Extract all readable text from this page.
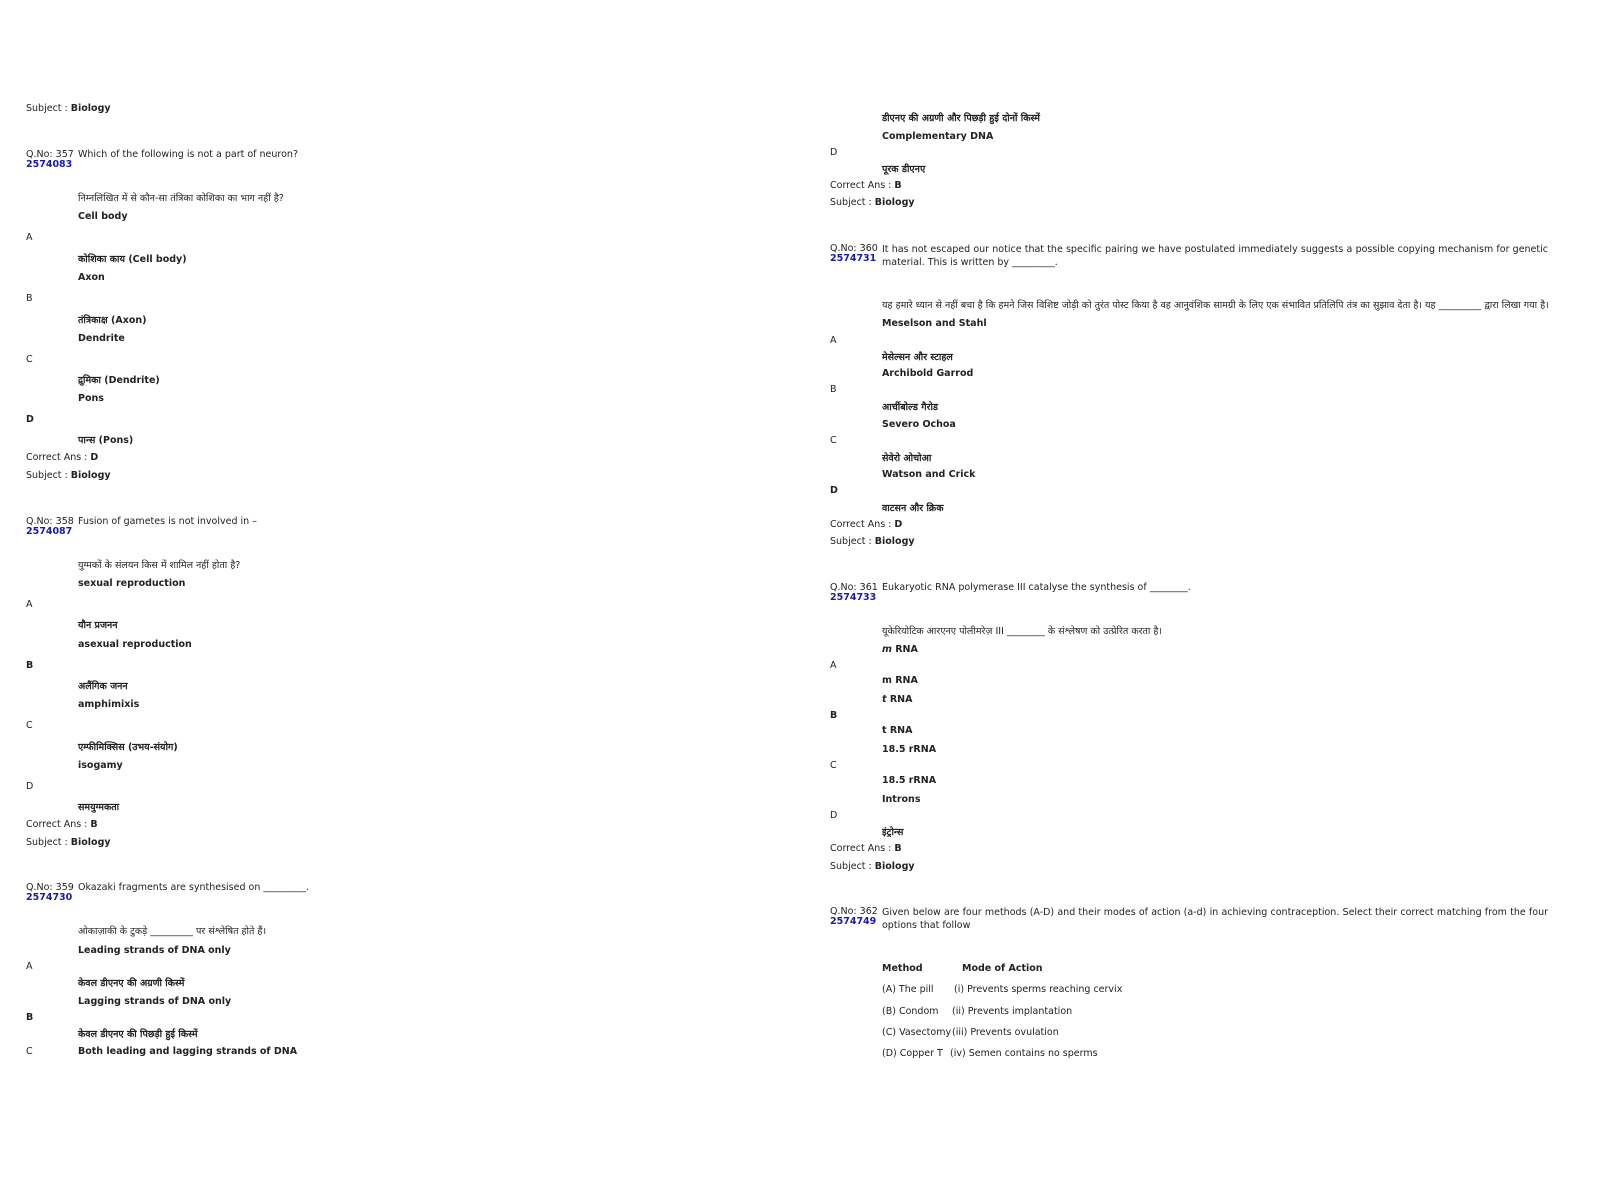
Subject : Biology
Q.No: 357
2574083
Which of the following is not a part of neuron?
निम्नलिखित में से कौन-सा तंत्रिका कोशिका का भाग नहीं है?
Cell body
A
कोशिका काय (Cell body)
Axon
B
तंत्रिकाक्ष (Axon)
Dendrite
C
द्रुमिका (Dendrite)
Pons
D
पान्स (Pons)
Correct Ans : D
Subject : Biology
Q.No: 358
2574087
Fusion of gametes is not involved in –
युग्मकों के संलयन किस में शामिल नहीं होता है?
sexual reproduction
A
यौन प्रजनन
asexual reproduction
B
अलैंगिक जनन
amphimixis
C
एम्फीमिक्सिस (उभय-संयोग)
isogamy
D
समयुग्मकता
Correct Ans : B
Subject : Biology
Q.No: 359
2574730
Okazaki fragments are synthesised on _________.
ओकाज़ाकी के टुकड़े _________ पर संश्लेषित होते हैं।
Leading strands of DNA only
A
केवल डीएनए की अग्रणी किस्में
Lagging strands of DNA only
B
केवल डीएनए की पिछड़ी हुई किस्में
C	Both leading and lagging strands of DNA
डीएनए की अग्रणी और पिछड़ी हुई दोनों किस्में
Complementary DNA
D
पूरक डीएनए
Correct Ans : B
Subject : Biology
Q.No: 360
2574731
It has not escaped our notice that the specific pairing we have postulated immediately suggests a possible copying mechanism for genetic material. This is written by _________.
यह हमारे ध्यान से नहीं बचा है कि हमने जिस विशिष्ट जोड़ी को तुरंत पोस्ट किया है वह आनुवंशिक सामग्री के लिए एक संभावित प्रतिलिपि तंत्र का सुझाव देता है। यह _________ द्वारा लिखा गया है।
Meselson and Stahl
A
मेसेल्सन और स्टाहल
Archibold Garrod
B
आर्चीबोल्ड गैरोड
Severo Ochoa
C
सेवेरो ओचोआ
Watson and Crick
D
वाटसन और क्रिक
Correct Ans : D
Subject : Biology
Q.No: 361
2574733
Eukaryotic RNA polymerase III catalyse the synthesis of ________.
यूकेरियोटिक आरएनए पोलीमरेज़ III ________ के संश्लेषण को उत्प्रेरित करता है।
m RNA
A
m RNA
t RNA
B
t RNA
18.5 rRNA
C
18.5 rRNA
Introns
D
इंट्रोन्स
Correct Ans : B
Subject : Biology
Q.No: 362
2574749
Given below are four methods (A-D) and their modes of action (a-d) in achieving contraception. Select their correct matching from the four options that follow
Method	Mode of Action
(A) The pill (i) Prevents sperms reaching cervix
(B) Condom (ii) Prevents implantation
(C) Vasectomy (iii) Prevents ovulation
(D) Copper T (iv) Semen contains no sperms
